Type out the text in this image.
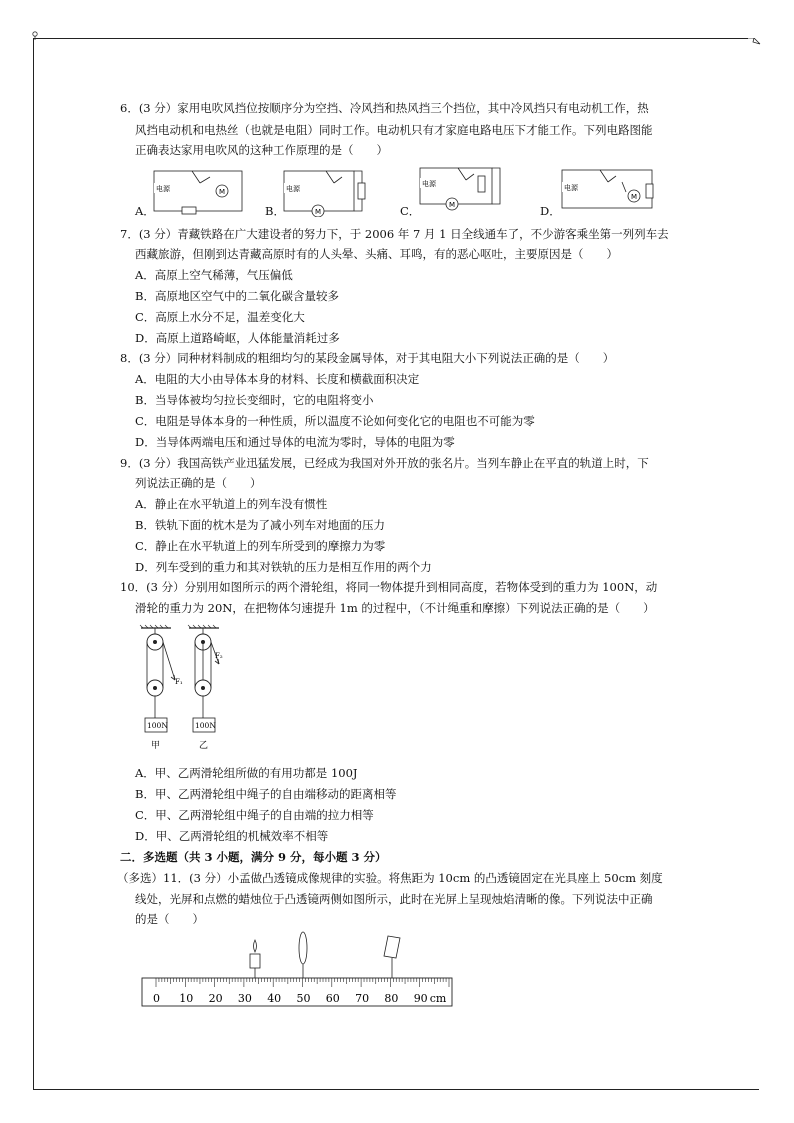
6．(3 分）家用电吹风挡位按顺序分为空挡、冷风挡和热风挡三个挡位，其中冷风挡只有电动机工作，热
风挡电动机和电热丝（也就是电阻）同时工作。电动机只有才家庭电路电压下才能工作。下列电路图能
正确表达家用电吹风的这种工作原理的是（　　）
A．
电源	M
B．
电源
M	C．
电源
M	D．
电源
M
7．(3 分）青藏铁路在广大建设者的努力下，于 2006 年 7 月 1 日全线通车了，不少游客乘坐第一列列车去
西藏旅游，但刚到达青藏高原时有的人头晕、头痛、耳鸣，有的恶心呕吐，主要原因是（　　）
A．高原上空气稀薄，气压偏低
B．高原地区空气中的二氧化碳含量较多
C．高原上水分不足，温差变化大
D．高原上道路崎岖，人体能量消耗过多
8．(3 分）同种材料制成的粗细均匀的某段金属导体，对于其电阻大小下列说法正确的是（　　）
A．电阻的大小由导体本身的材料、长度和横截面积决定
B．当导体被均匀拉长变细时，它的电阻将变小
C．电阻是导体本身的一种性质，所以温度不论如何变化它的电阻也不可能为零
D．当导体两端电压和通过导体的电流为零时，导体的电阻为零
9．(3 分）我国高铁产业迅猛发展，已经成为我国对外开放的张名片。当列车静止在平直的轨道上时，下
列说法正确的是（　　）
A．静止在水平轨道上的列车没有惯性
B．铁轨下面的枕木是为了减小列车对地面的压力
C．静止在水平轨道上的列车所受到的摩擦力为零
D．列车受到的重力和其对铁轨的压力是相互作用的两个力
10．(3 分）分别用如图所示的两个滑轮组，将同一物体提升到相同高度，若物体受到的重力为 100N，动
滑轮的重力为 20N，在把物体匀速提升 1m 的过程中，（不计绳重和摩擦）下列说法正确的是（　　）
F₁
100N
甲
F₂
100N
乙
A．甲、乙两滑轮组所做的有用功都是 100J
B．甲、乙两滑轮组中绳子的自由端移动的距离相等
C．甲、乙两滑轮组中绳子的自由端的拉力相等
D．甲、乙两滑轮组的机械效率不相等
二．多选题（共 3 小题，满分 9 分，每小题 3 分）
（多选）11．(3 分）小孟做凸透镜成像规律的实验。将焦距为 10cm 的凸透镜固定在光具座上 50cm 刻度
线处，光屏和点燃的蜡烛位于凸透镜两侧如图所示，此时在光屏上呈现烛焰清晰的像。下列说法中正确
的是（　　）
0 10 20 30 40 50 60 70 80 90 cm
